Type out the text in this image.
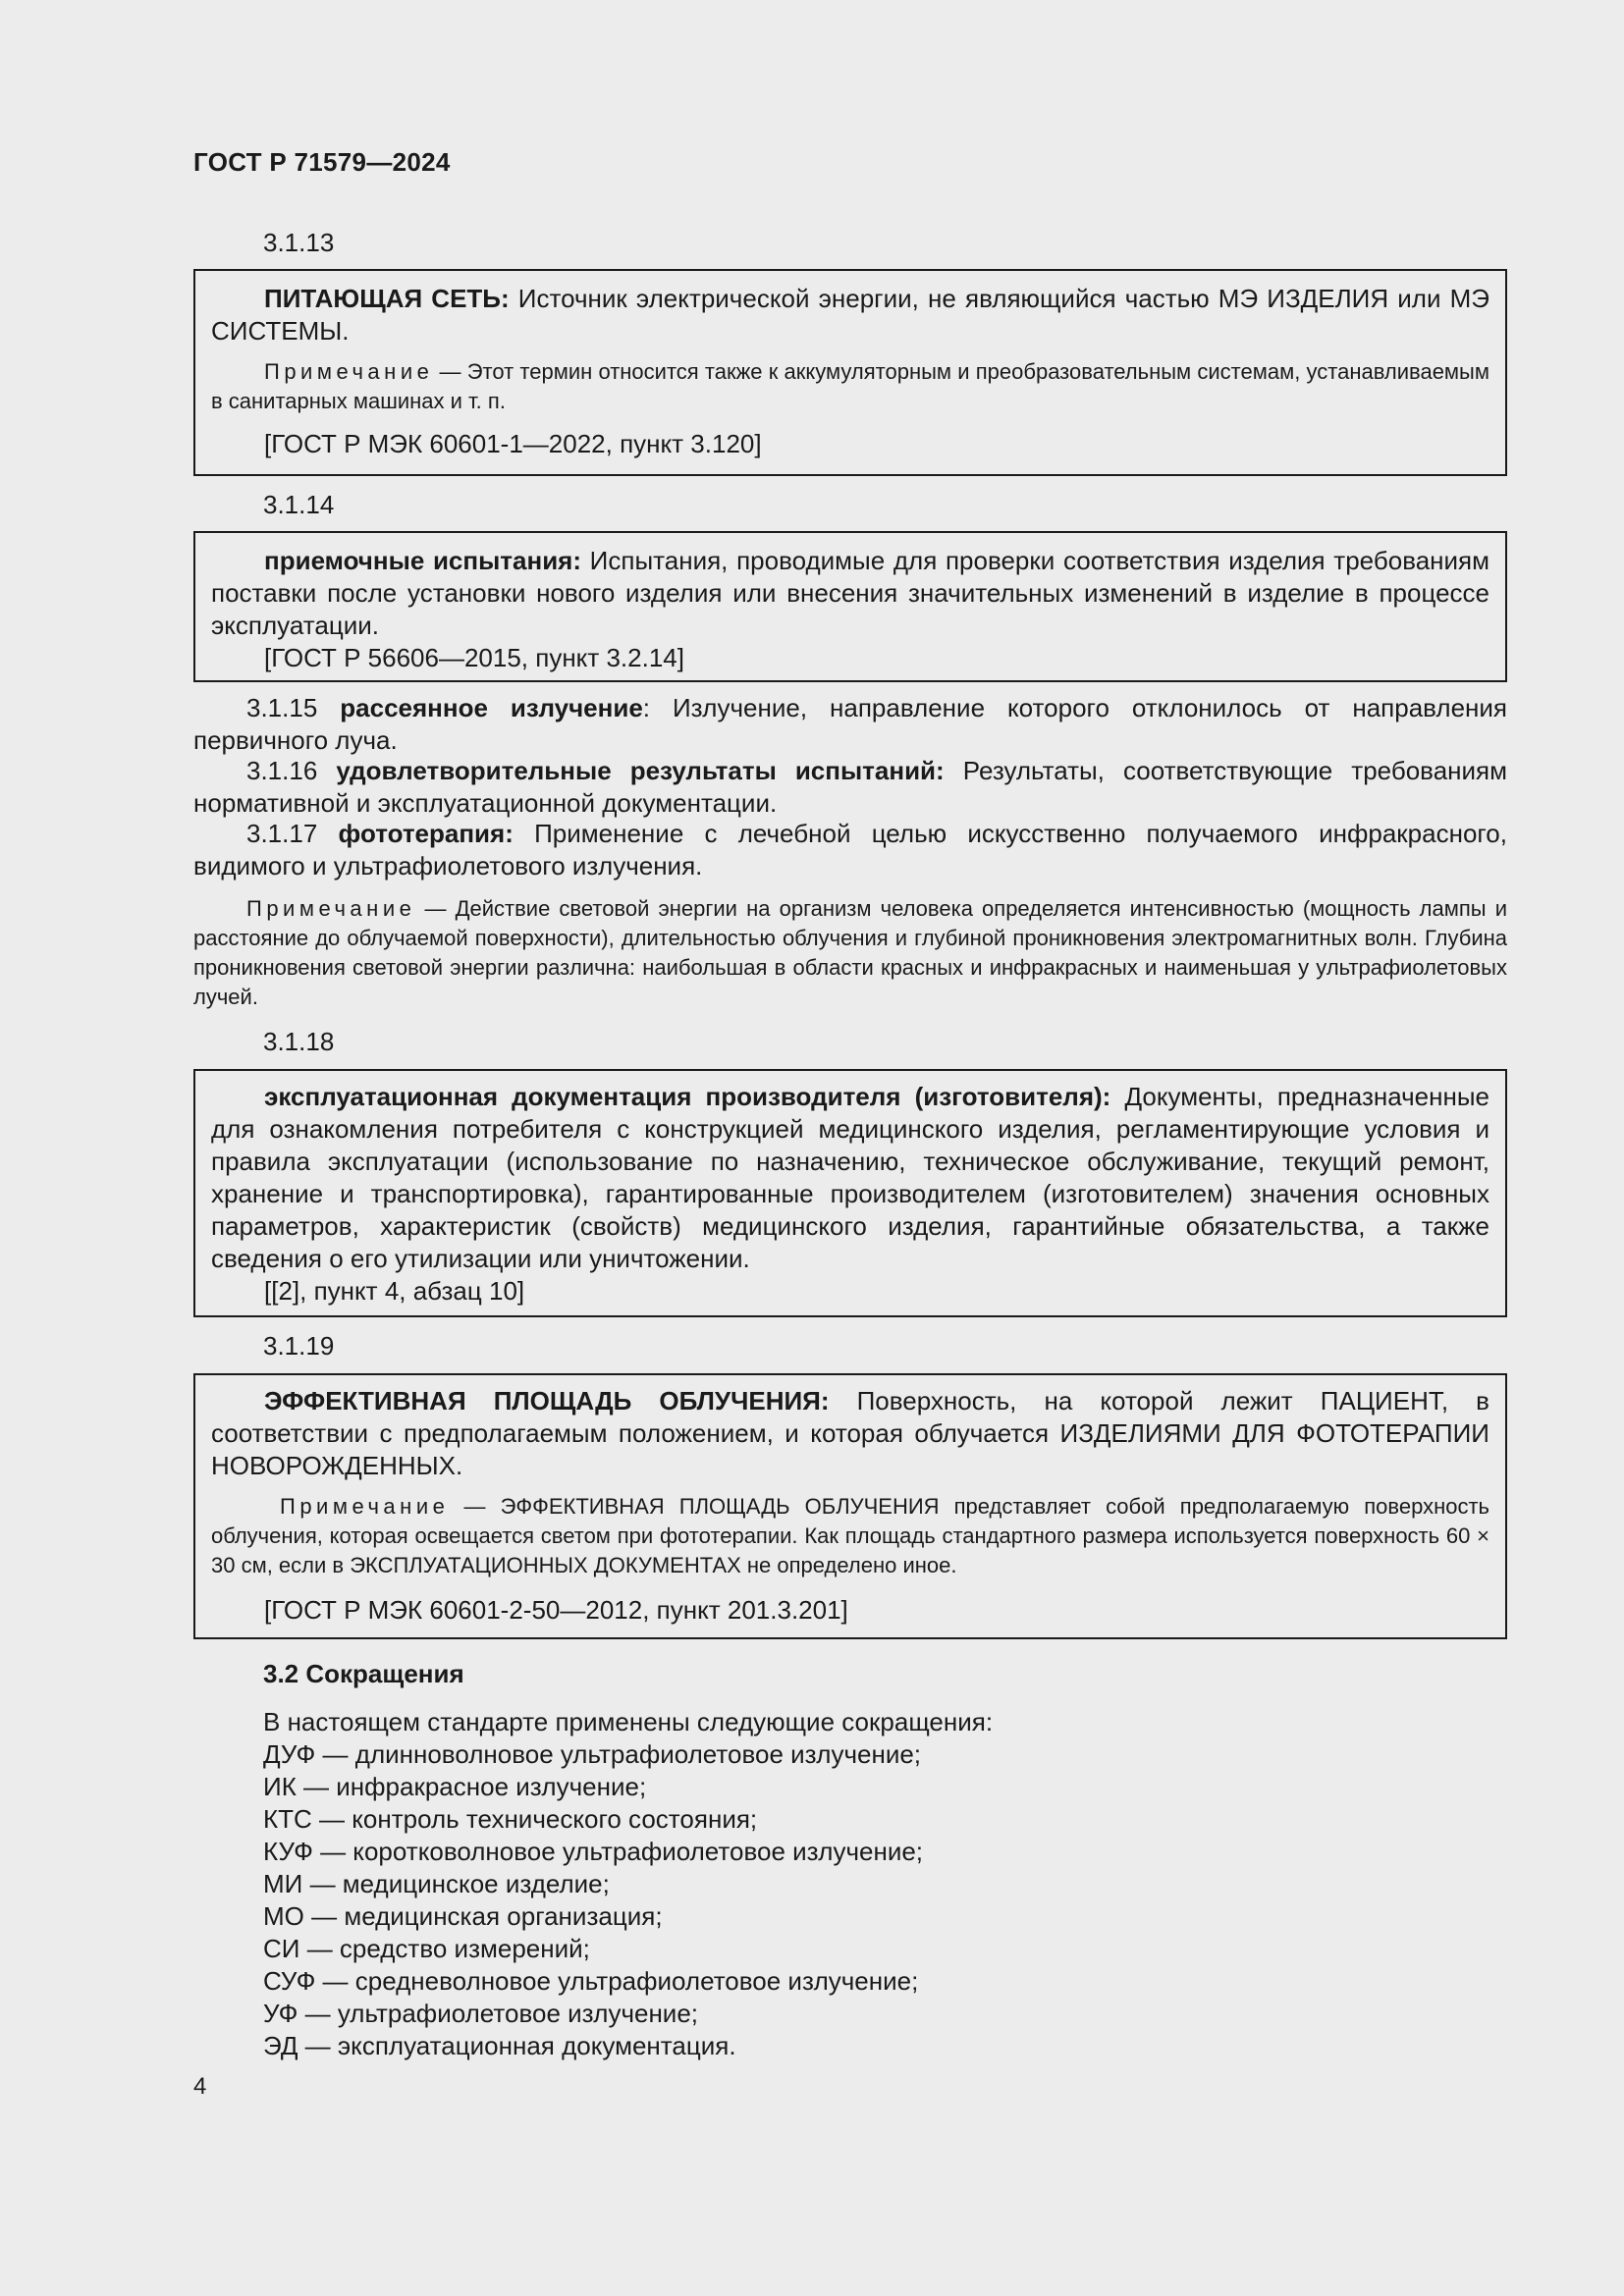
ГОСТ Р 71579—2024
3.1.13

ПИТАЮЩАЯ СЕТЬ: Источник электрической энергии, не являющийся частью МЭ ИЗДЕЛИЯ или МЭ СИСТЕМЫ.

Примечание — Этот термин относится также к аккумуляторным и преобразовательным системам, устанавливаемым в санитарных машинах и т. п.

[ГОСТ Р МЭК 60601-1—2022, пункт 3.120]

3.1.14

приемочные испытания: Испытания, проводимые для проверки соответствия изделия требованиям поставки после установки нового изделия или внесения значительных изменений в изделие в процессе эксплуатации.

[ГОСТ Р 56606—2015, пункт 3.2.14]

3.1.15 рассеянное излучение: Излучение, направление которого отклонилось от направления первичного луча.

3.1.16 удовлетворительные результаты испытаний: Результаты, соответствующие требованиям нормативной и эксплуатационной документации.

3.1.17 фототерапия: Применение с лечебной целью искусственно получаемого инфракрасного, видимого и ультрафиолетового излучения.

Примечание — Действие световой энергии на организм человека определяется интенсивностью (мощность лампы и расстояние до облучаемой поверхности), длительностью облучения и глубиной проникновения электромагнитных волн. Глубина проникновения световой энергии различна: наибольшая в области красных и инфракрасных и наименьшая у ультрафиолетовых лучей.

3.1.18

эксплуатационная документация производителя (изготовителя): Документы, предназначенные для ознакомления потребителя с конструкцией медицинского изделия, регламентирующие условия и правила эксплуатации (использование по назначению, техническое обслуживание, текущий ремонт, хранение и транспортировка), гарантированные производителем (изготовителем) значения основных параметров, характеристик (свойств) медицинского изделия, гарантийные обязательства, а также сведения о его утилизации или уничтожении.

[[2], пункт 4, абзац 10]

3.1.19

ЭФФЕКТИВНАЯ ПЛОЩАДЬ ОБЛУЧЕНИЯ: Поверхность, на которой лежит ПАЦИЕНТ, в соответствии с предполагаемым положением, и которая облучается ИЗДЕЛИЯМИ ДЛЯ ФОТОТЕРАПИИ НОВОРОЖДЕННЫХ.

Примечание — ЭФФЕКТИВНАЯ ПЛОЩАДЬ ОБЛУЧЕНИЯ представляет собой предполагаемую поверхность облучения, которая освещается светом при фототерапии. Как площадь стандартного размера используется поверхность 60 × 30 см, если в ЭКСПЛУАТАЦИОННЫХ ДОКУМЕНТАХ не определено иное.

[ГОСТ Р МЭК 60601-2-50—2012, пункт 201.3.201]

3.2 Сокращения
В настоящем стандарте применены следующие сокращения:
ДУФ — длинноволновое ультрафиолетовое излучение;
ИК — инфракрасное излучение;
КТС — контроль технического состояния;
КУФ — коротковолновое ультрафиолетовое излучение;
МИ — медицинское изделие;
МО — медицинская организация;
СИ — средство измерений;
СУФ — средневолновое ультрафиолетовое излучение;
УФ — ультрафиолетовое излучение;
ЭД — эксплуатационная документация.
4
